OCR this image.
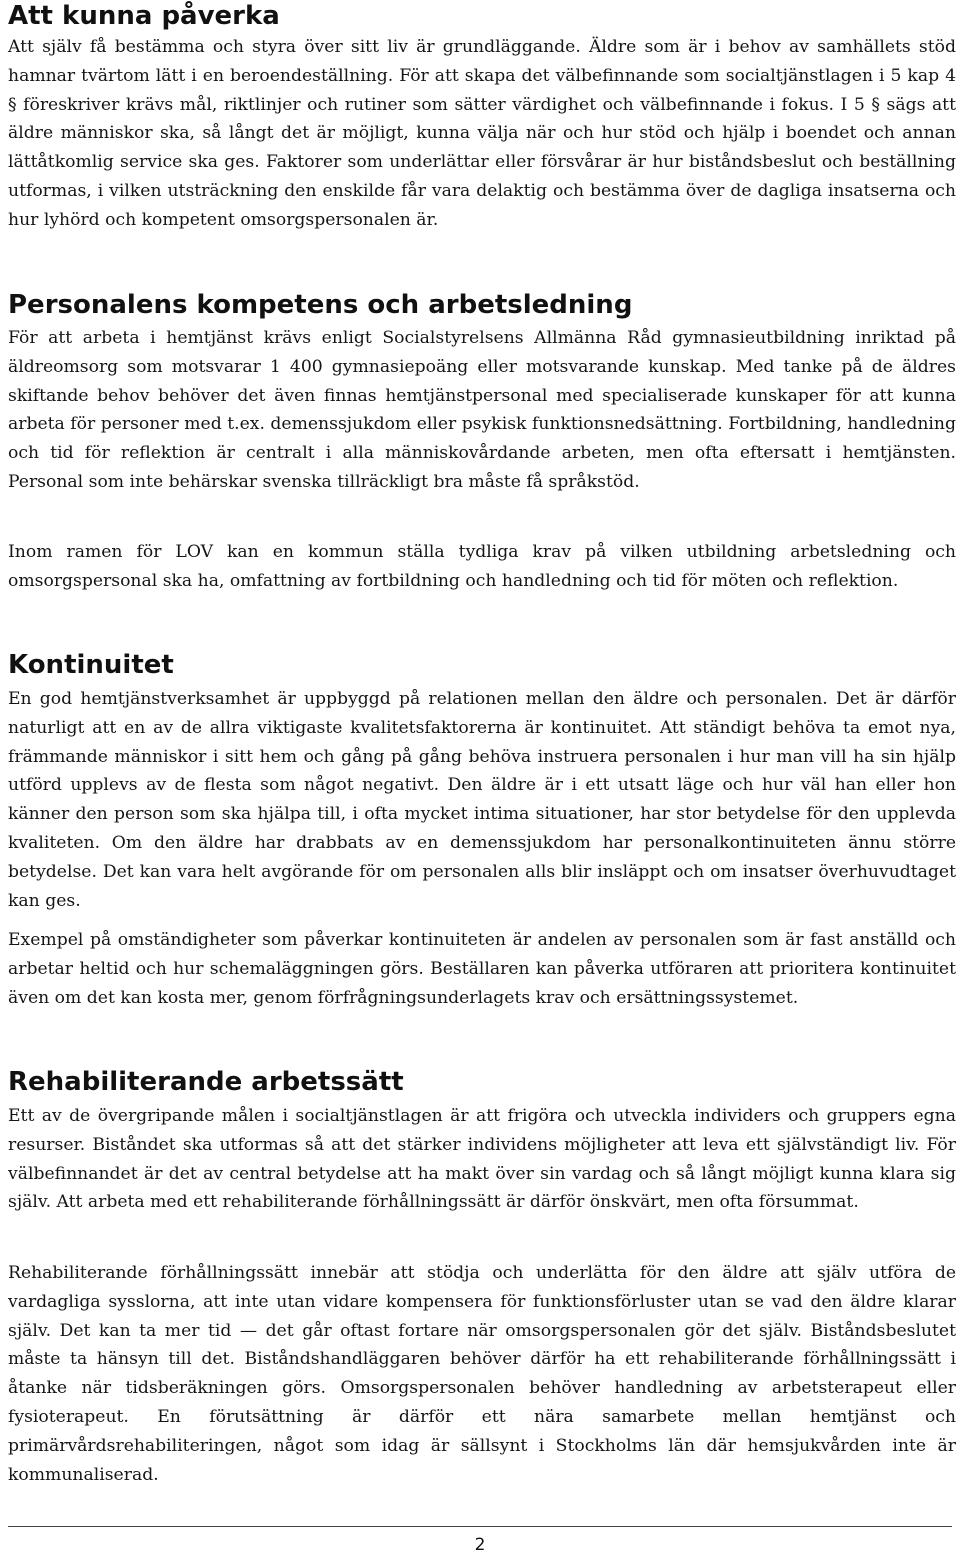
Att kunna påverka

Att själv få bestämma och styra över sitt liv är grundläggande. Äldre som är i behov av samhällets stöd hamnar tvärtom lätt i en beroendeställning. För att skapa det välbefinnande som socialtjänstlagen i 5 kap 4 § föreskriver krävs mål, riktlinjer och rutiner som sätter värdighet och välbefinnande i fokus. I 5 § sägs att äldre människor ska, så långt det är möjligt, kunna välja när och hur stöd och hjälp i boendet och annan lättåtkomlig service ska ges. Faktorer som underlättar eller försvårar är hur biståndsbeslut och beställning utformas, i vilken utsträckning den enskilde får vara delaktig och bestämma över de dagliga insatserna och hur lyhörd och kompetent omsorgspersonalen är.

Personalens kompetens och arbetsledning

För att arbeta i hemtjänst krävs enligt Socialstyrelsens Allmänna Råd gymnasieutbildning inriktad på äldreomsorg som motsvarar 1 400 gymnasiepoäng eller motsvarande kunskap. Med tanke på de äldres skiftande behov behöver det även finnas hemtjänstpersonal med specialiserade kunskaper för att kunna arbeta för personer med t.ex. demenssjukdom eller psykisk funktionsnedsättning. Fortbildning, handledning och tid för reflektion är centralt i alla människovårdande arbeten, men ofta eftersatt i hemtjänsten. Personal som inte behärskar svenska tillräckligt bra måste få språkstöd.

Inom ramen för LOV kan en kommun ställa tydliga krav på vilken utbildning arbetsledning och omsorgspersonal ska ha, omfattning av fortbildning och handledning och tid för möten och reflektion.

Kontinuitet

En god hemtjänstverksamhet är uppbyggd på relationen mellan den äldre och personalen. Det är därför naturligt att en av de allra viktigaste kvalitetsfaktorerna är kontinuitet. Att ständigt behöva ta emot nya, främmande människor i sitt hem och gång på gång behöva instruera personalen i hur man vill ha sin hjälp utförd upplevs av de flesta som något negativt. Den äldre är i ett utsatt läge och hur väl han eller hon känner den person som ska hjälpa till, i ofta mycket intima situationer, har stor betydelse för den upplevda kvaliteten. Om den äldre har drabbats av en demenssjukdom har personalkontinuiteten ännu större betydelse. Det kan vara helt avgörande för om personalen alls blir insläppt och om insatser överhuvudtaget kan ges.

Exempel på omständigheter som påverkar kontinuiteten är andelen av personalen som är fast anställd och arbetar heltid och hur schemaläggningen görs. Beställaren kan påverka utföraren att prioritera kontinuitet även om det kan kosta mer, genom förfrågningsunderlagets krav och ersättningssystemet.

Rehabiliterande arbetssätt

Ett av de övergripande målen i socialtjänstlagen är att frigöra och utveckla individers och gruppers egna resurser. Biståndet ska utformas så att det stärker individens möjligheter att leva ett självständigt liv. För välbefinnandet är det av central betydelse att ha makt över sin vardag och så långt möjligt kunna klara sig själv. Att arbeta med ett rehabiliterande förhållningssätt är därför önskvärt, men ofta försummat.

Rehabiliterande förhållningssätt innebär att stödja och underlätta för den äldre att själv utföra de vardagliga sysslorna, att inte utan vidare kompensera för funktionsförluster utan se vad den äldre klarar själv. Det kan ta mer tid — det går oftast fortare när omsorgspersonalen gör det själv. Biståndsbeslutet måste ta hänsyn till det. Biståndshandläggaren behöver därför ha ett rehabiliterande förhållningssätt i åtanke när tidsberäkningen görs. Omsorgspersonalen behöver handledning av arbetsterapeut eller fysioterapeut. En förutsättning är därför ett nära samarbete mellan hemtjänst och primärvårdsrehabiliteringen, något som idag är sällsynt i Stockholms län där hemsjukvården inte är kommunaliserad.

2
